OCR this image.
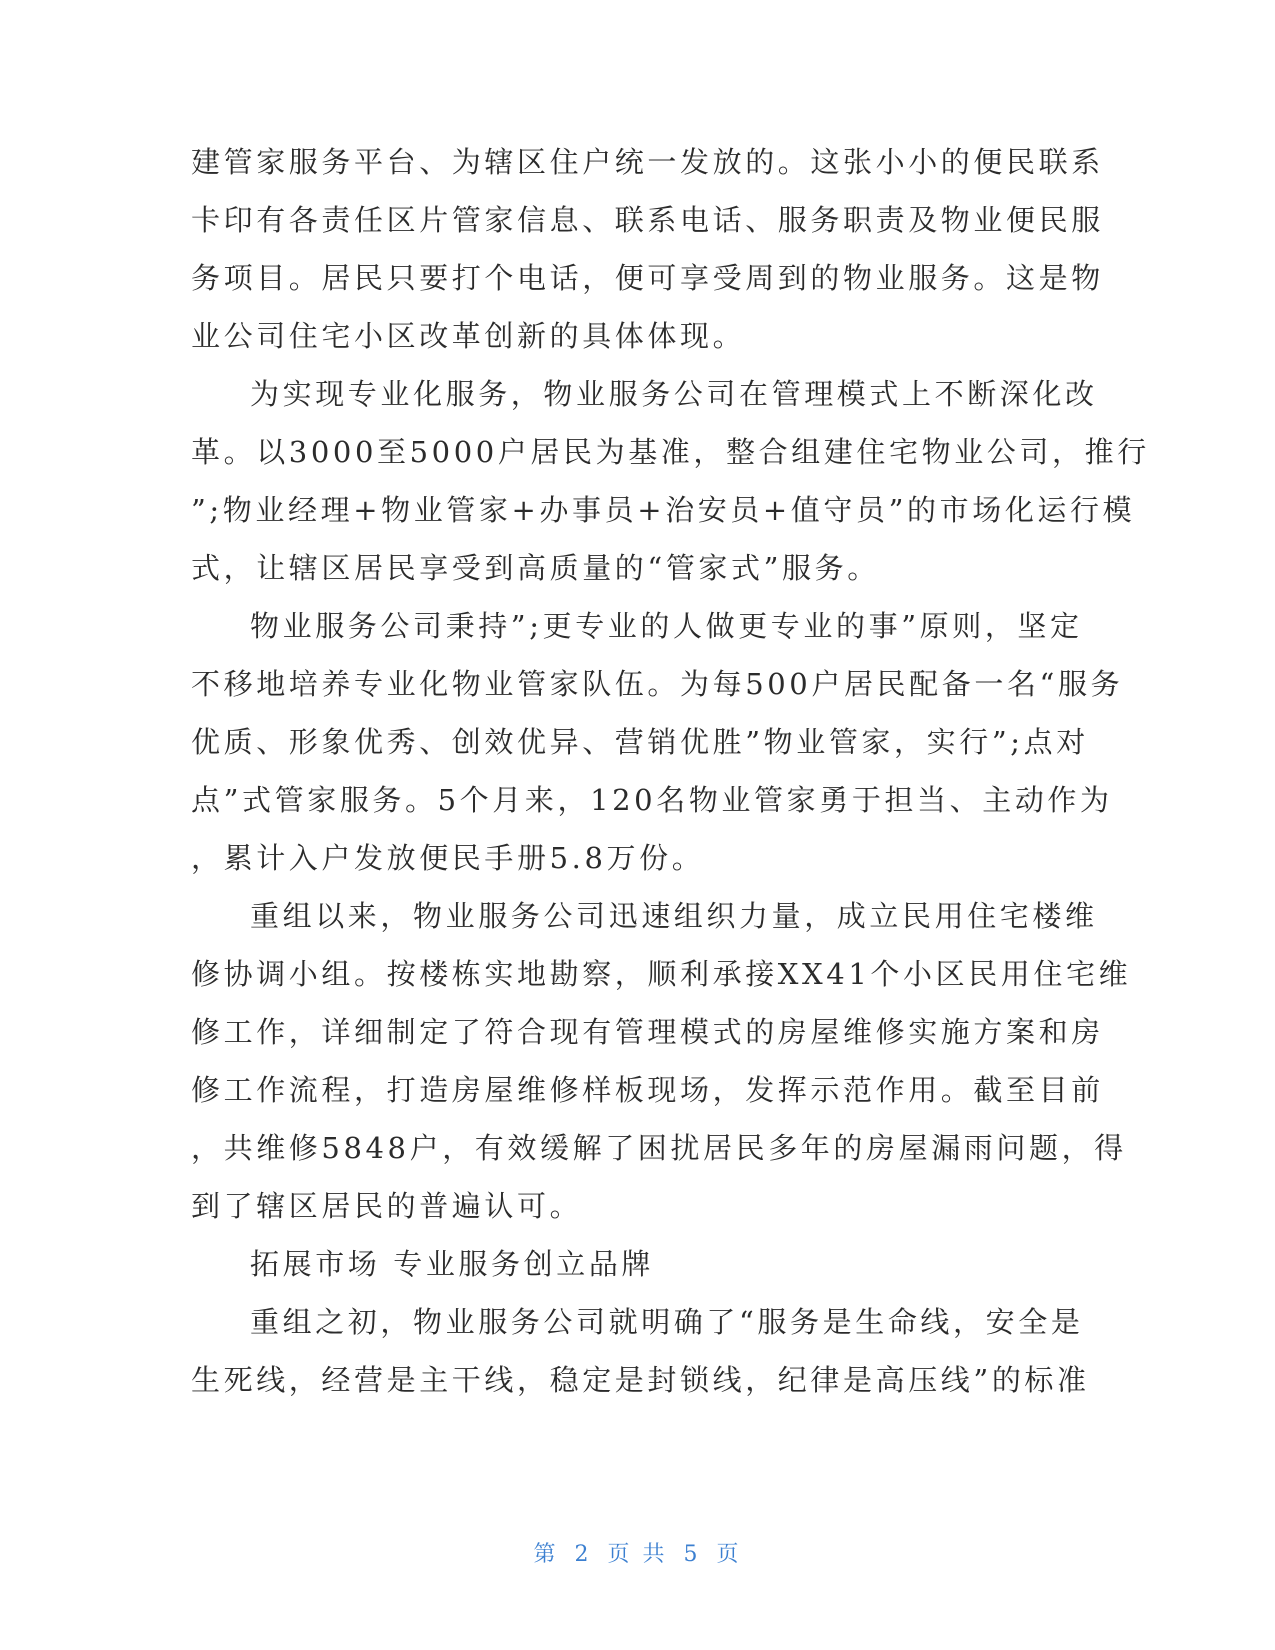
建管家服务平台、为辖区住户统一发放的。这张小小的便民联系
卡印有各责任区片管家信息、联系电话、服务职责及物业便民服
务项目。居民只要打个电话，便可享受周到的物业服务。这是物
业公司住宅小区改革创新的具体体现。
为实现专业化服务，物业服务公司在管理模式上不断深化改
革。以3000至5000户居民为基准，整合组建住宅物业公司，推行
”;物业经理+物业管家+办事员+治安员+值守员”的市场化运行模
式，让辖区居民享受到高质量的“管家式”服务。
物业服务公司秉持”;更专业的人做更专业的事”原则，坚定
不移地培养专业化物业管家队伍。为每500户居民配备一名“服务
优质、形象优秀、创效优异、营销优胜”物业管家，实行”;点对
点”式管家服务。5个月来，120名物业管家勇于担当、主动作为
，累计入户发放便民手册5.8万份。
重组以来，物业服务公司迅速组织力量，成立民用住宅楼维
修协调小组。按楼栋实地勘察，顺利承接XX41个小区民用住宅维
修工作，详细制定了符合现有管理模式的房屋维修实施方案和房
修工作流程，打造房屋维修样板现场，发挥示范作用。截至目前
，共维修5848户，有效缓解了困扰居民多年的房屋漏雨问题，得
到了辖区居民的普遍认可。
拓展市场 专业服务创立品牌
重组之初，物业服务公司就明确了“服务是生命线，安全是
生死线，经营是主干线，稳定是封锁线，纪律是高压线”的标准
第 2 页 共 5 页
